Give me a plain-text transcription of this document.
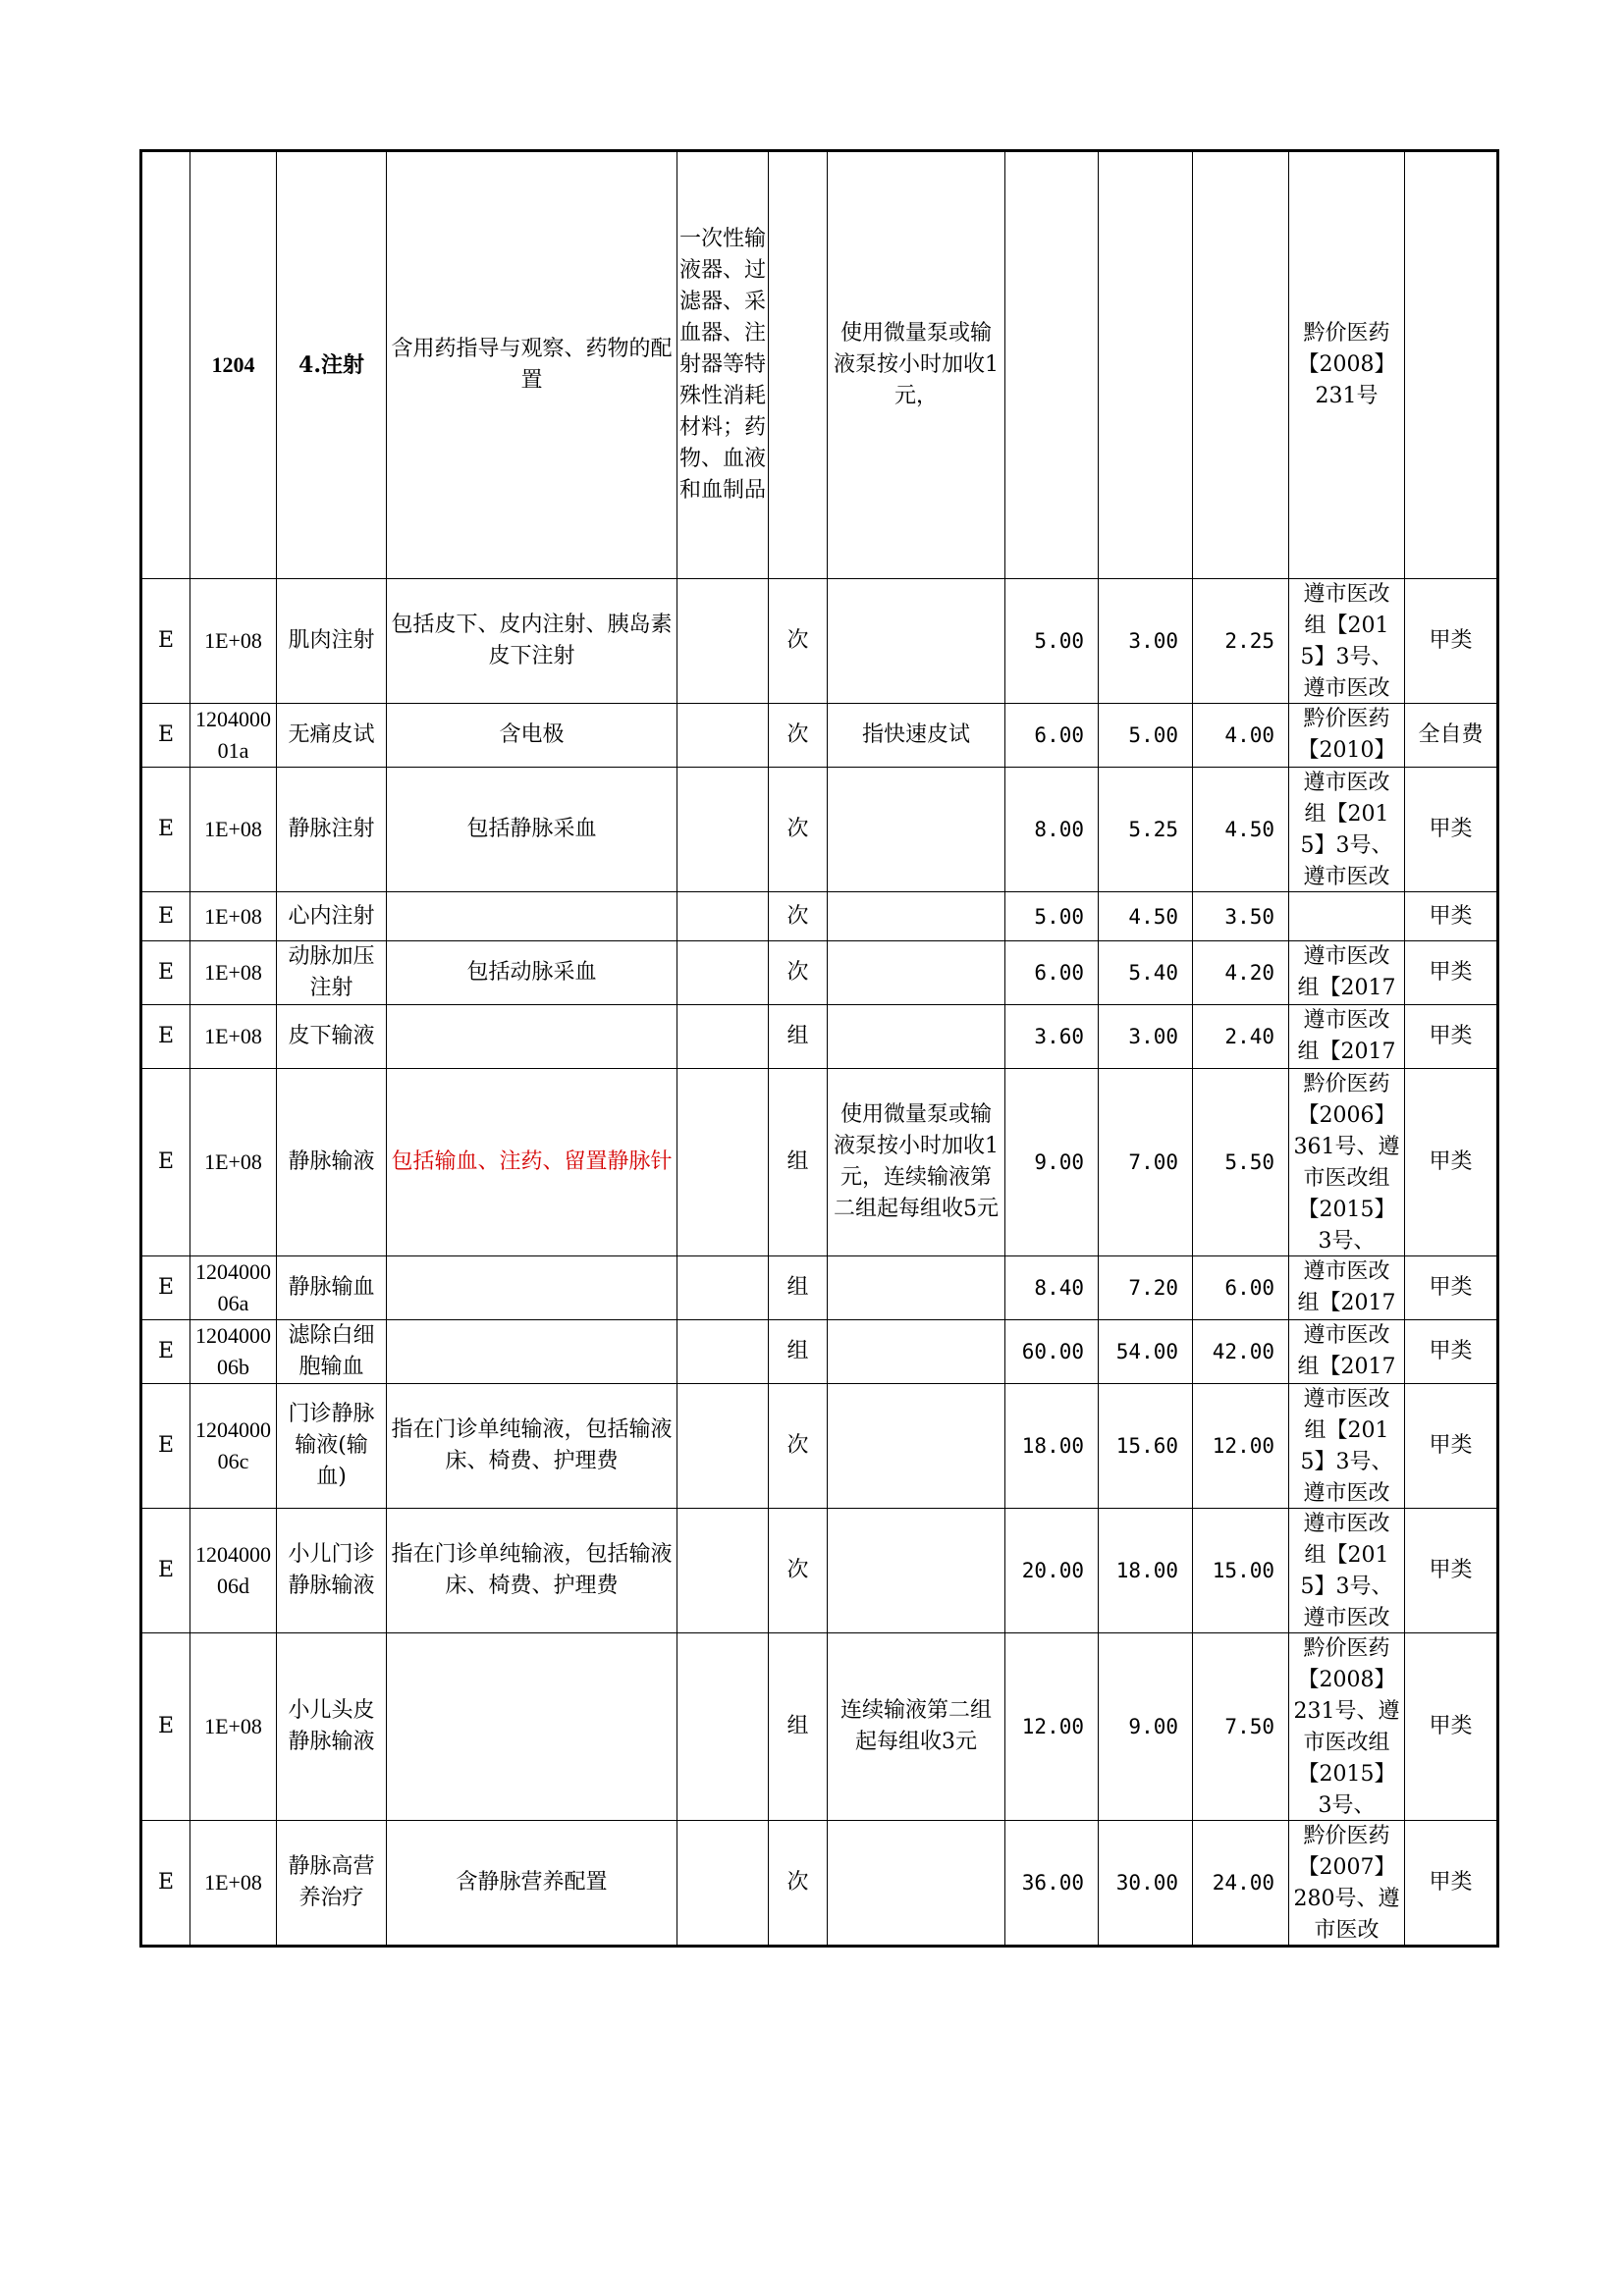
	1204	4.注射	含用药指导与观察、药物的配置	一次性输液器、过滤器、采血器、注射器等特殊性消耗材料；药物、血液和血制品		使用微量泵或输液泵按小时加收1元，				黔价医药【2008】231号	
E	1E+08	肌肉注射	包括皮下、皮内注射、胰岛素皮下注射		次		5.00	3.00	2.25	遵市医改组【2015】3号、遵市医改	甲类
E	120400001a	无痛皮试	含电极		次	指快速皮试	6.00	5.00	4.00	黔价医药【2010】	全自费
E	1E+08	静脉注射	包括静脉采血		次		8.00	5.25	4.50	遵市医改组【2015】3号、遵市医改	甲类
E	1E+08	心内注射			次		5.00	4.50	3.50		甲类
E	1E+08	动脉加压注射	包括动脉采血		次		6.00	5.40	4.20	遵市医改组【2017	甲类
E	1E+08	皮下输液			组		3.60	3.00	2.40	遵市医改组【2017	甲类
E	1E+08	静脉输液	包括输血、注药、留置静脉针		组	使用微量泵或输液泵按小时加收1元，连续输液第二组起每组收5元	9.00	7.00	5.50	黔价医药【2006】361号、遵市医改组【2015】3号、	甲类
E	120400006a	静脉输血			组		8.40	7.20	6.00	遵市医改组【2017	甲类
E	120400006b	滤除白细胞输血			组		60.00	54.00	42.00	遵市医改组【2017	甲类
E	120400006c	门诊静脉输液(输血)	指在门诊单纯输液，包括输液床、椅费、护理费		次		18.00	15.60	12.00	遵市医改组【2015】3号、遵市医改	甲类
E	120400006d	小儿门诊静脉输液	指在门诊单纯输液，包括输液床、椅费、护理费		次		20.00	18.00	15.00	遵市医改组【2015】3号、遵市医改	甲类
E	1E+08	小儿头皮静脉输液			组	连续输液第二组起每组收3元	12.00	9.00	7.50	黔价医药【2008】231号、遵市医改组【2015】3号、	甲类
E	1E+08	静脉高营养治疗	含静脉营养配置		次		36.00	30.00	24.00	黔价医药【2007】280号、遵市医改	甲类
